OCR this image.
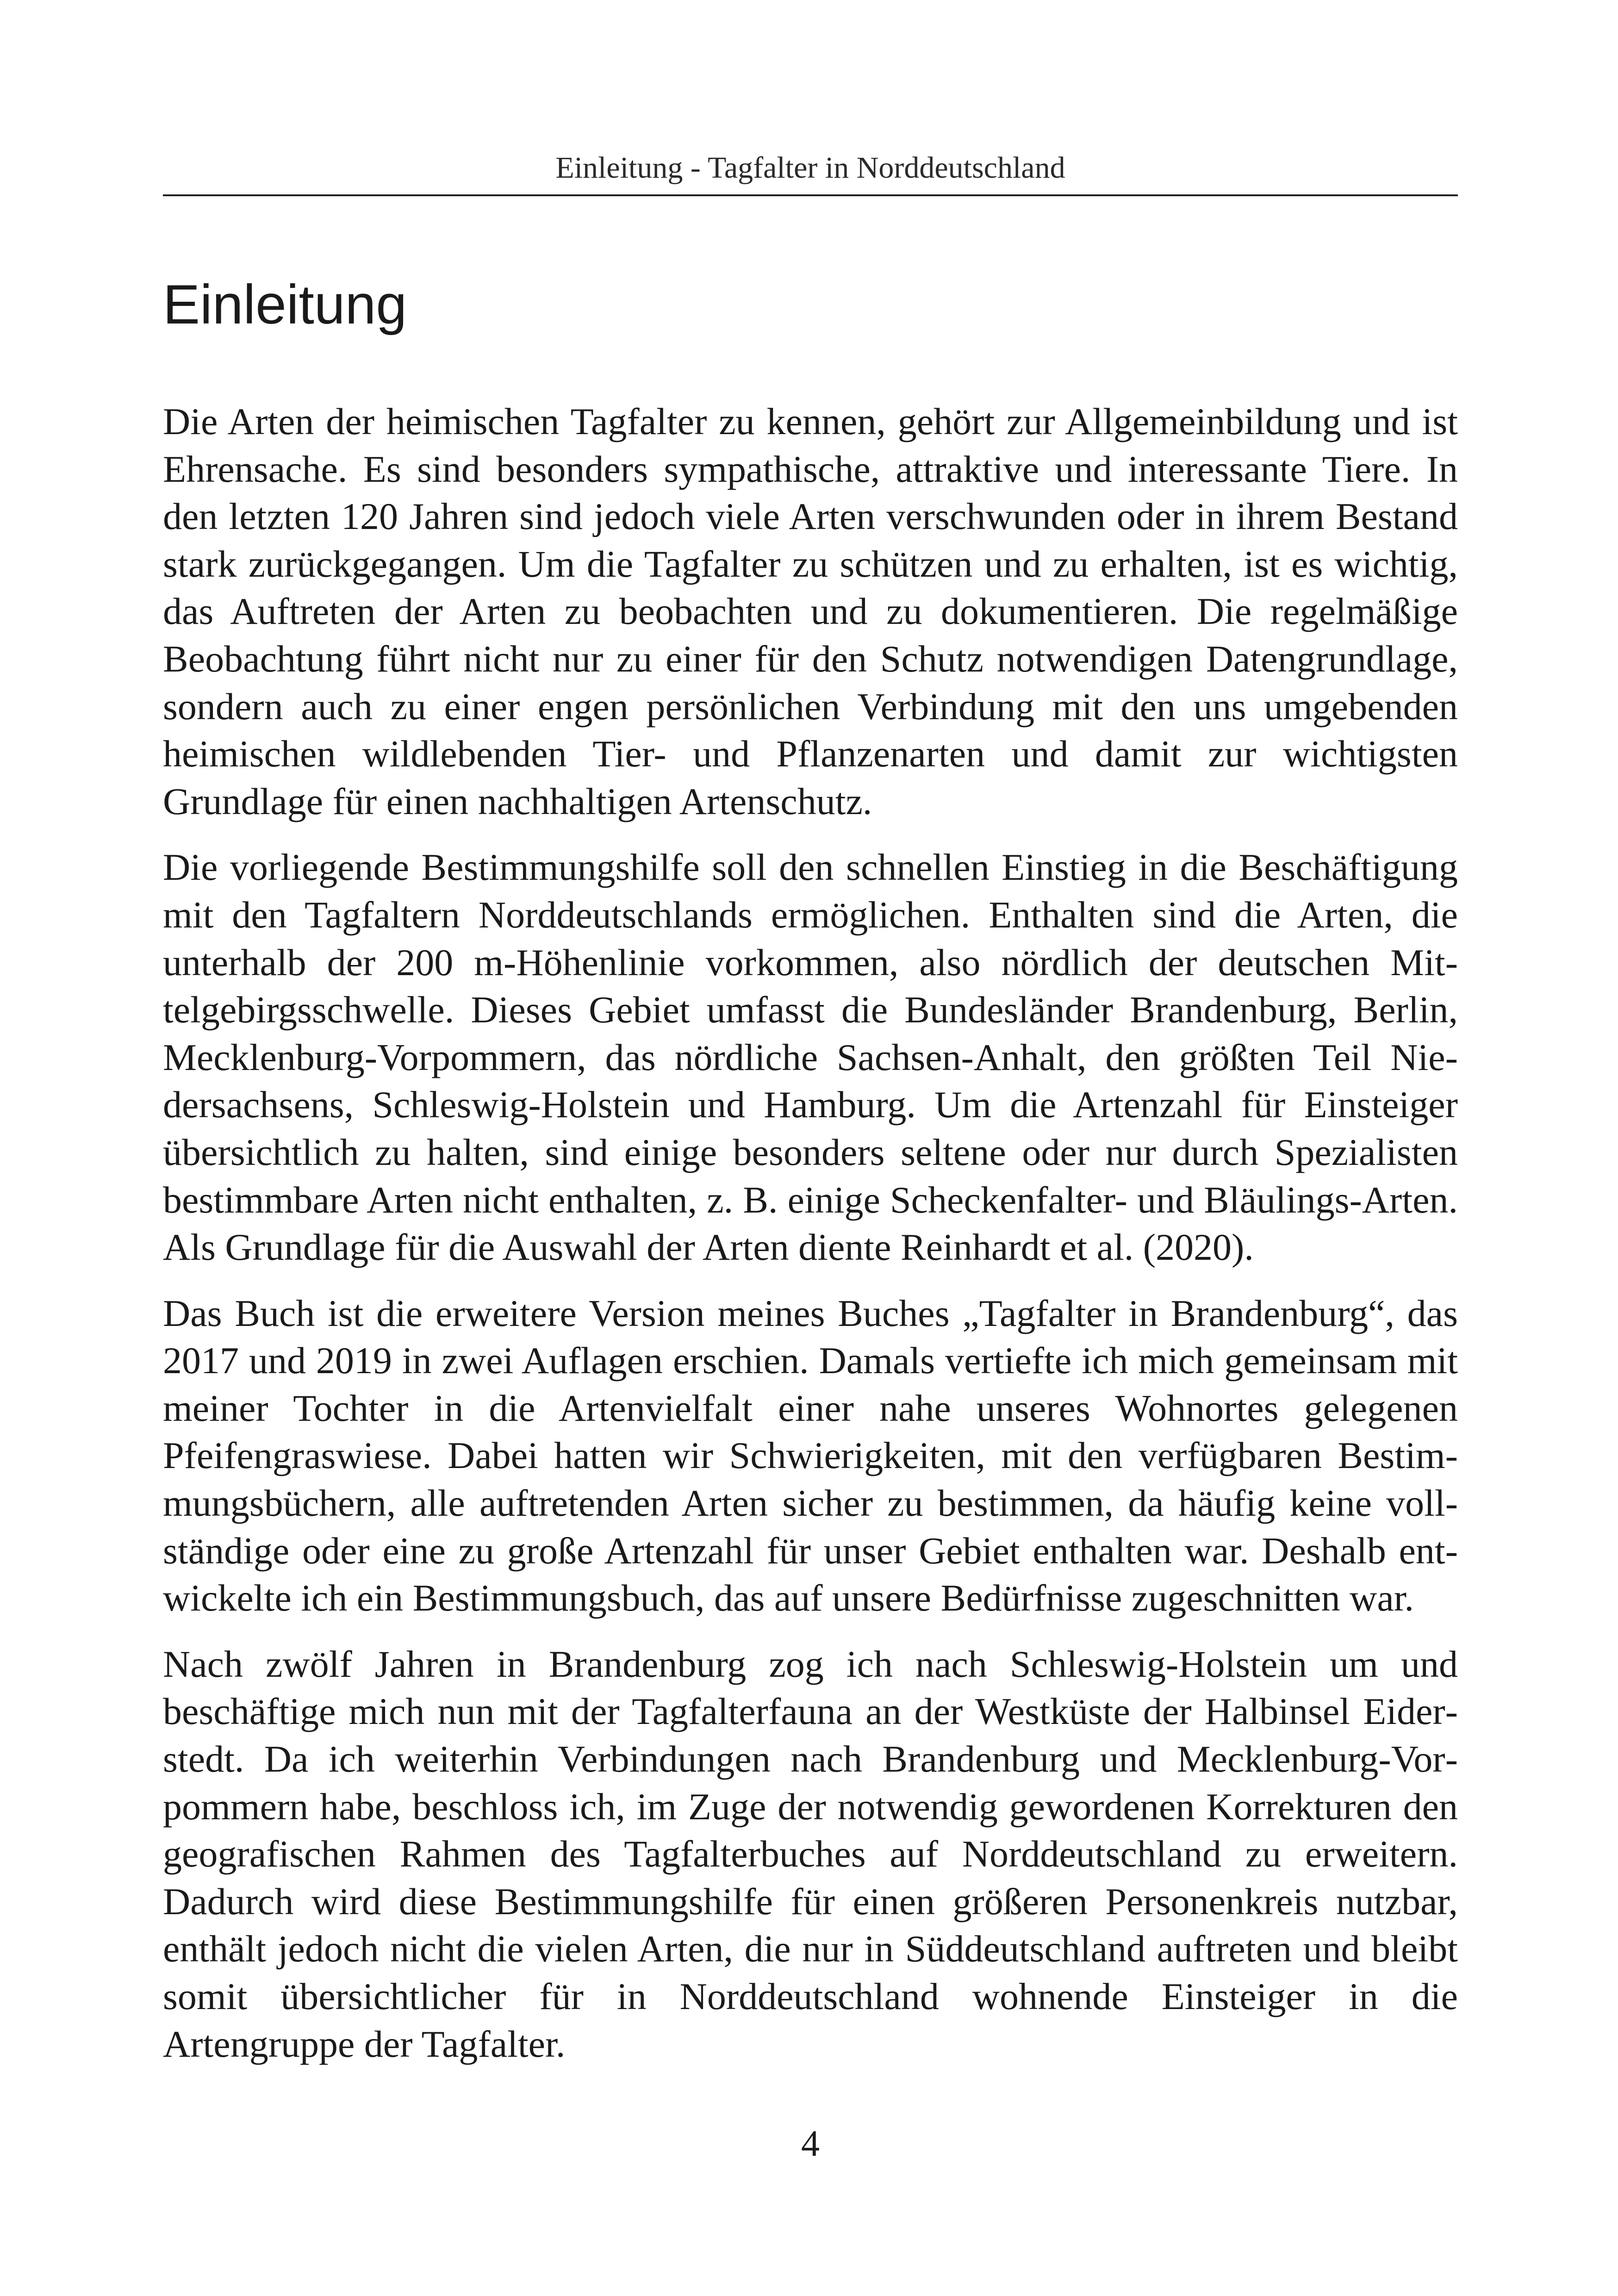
Einleitung - Tagfalter in Norddeutschland
Einleitung

Die Arten der heimischen Tagfalter zu kennen, gehört zur Allgemeinbildung und ist Ehrensache. Es sind besonders sympathische, attraktive und interessante Tiere. In den letzten 120 Jahren sind jedoch viele Arten verschwunden oder in ihrem Bestand stark zurückgegangen. Um die Tagfalter zu schützen und zu erhalten, ist es wichtig, das Auftreten der Arten zu beobachten und zu dokumentieren. Die regelmäßige Beobachtung führt nicht nur zu einer für den Schutz notwendigen Datengrundlage, sondern auch zu einer engen persönlichen Verbindung mit den uns umgebenden heimischen wildlebenden Tier- und Pflanzenarten und damit zur wichtigsten Grundlage für einen nachhaltigen Artenschutz.

Die vorliegende Bestimmungshilfe soll den schnellen Einstieg in die Beschäftigung mit den Tagfaltern Norddeutschlands ermöglichen. Enthalten sind die Arten, die unterhalb der 200 m-Höhenlinie vorkommen, also nördlich der deutschen Mittelgebirgsschwelle. Dieses Gebiet umfasst die Bundesländer Brandenburg, Berlin, Mecklenburg-Vorpommern, das nördliche Sachsen-Anhalt, den größten Teil Niedersachsens, Schleswig-Holstein und Hamburg. Um die Artenzahl für Einsteiger übersichtlich zu halten, sind einige besonders seltene oder nur durch Spezialisten bestimmbare Arten nicht enthalten, z. B. einige Scheckenfalter- und Bläulings-Arten. Als Grundlage für die Auswahl der Arten diente Reinhardt et al. (2020).

Das Buch ist die erweitere Version meines Buches „Tagfalter in Brandenburg“, das 2017 und 2019 in zwei Auflagen erschien. Damals vertiefte ich mich gemeinsam mit meiner Tochter in die Artenvielfalt einer nahe unseres Wohnortes gelegenen Pfeifengraswiese. Dabei hatten wir Schwierigkeiten, mit den verfügbaren Bestimmungsbüchern, alle auftretenden Arten sicher zu bestimmen, da häufig keine vollständige oder eine zu große Artenzahl für unser Gebiet enthalten war. Deshalb entwickelte ich ein Bestimmungsbuch, das auf unsere Bedürfnisse zugeschnitten war.

Nach zwölf Jahren in Brandenburg zog ich nach Schleswig-Holstein um und beschäftige mich nun mit der Tagfalterfauna an der Westküste der Halbinsel Eiderstedt. Da ich weiterhin Verbindungen nach Brandenburg und Mecklenburg-Vorpommern habe, beschloss ich, im Zuge der notwendig gewordenen Korrekturen den geografischen Rahmen des Tagfalterbuches auf Norddeutschland zu erweitern. Dadurch wird diese Bestimmungshilfe für einen größeren Personenkreis nutzbar, enthält jedoch nicht die vielen Arten, die nur in Süddeutschland auftreten und bleibt somit übersichtlicher für in Norddeutschland wohnende Einsteiger in die Artengruppe der Tagfalter.

4
